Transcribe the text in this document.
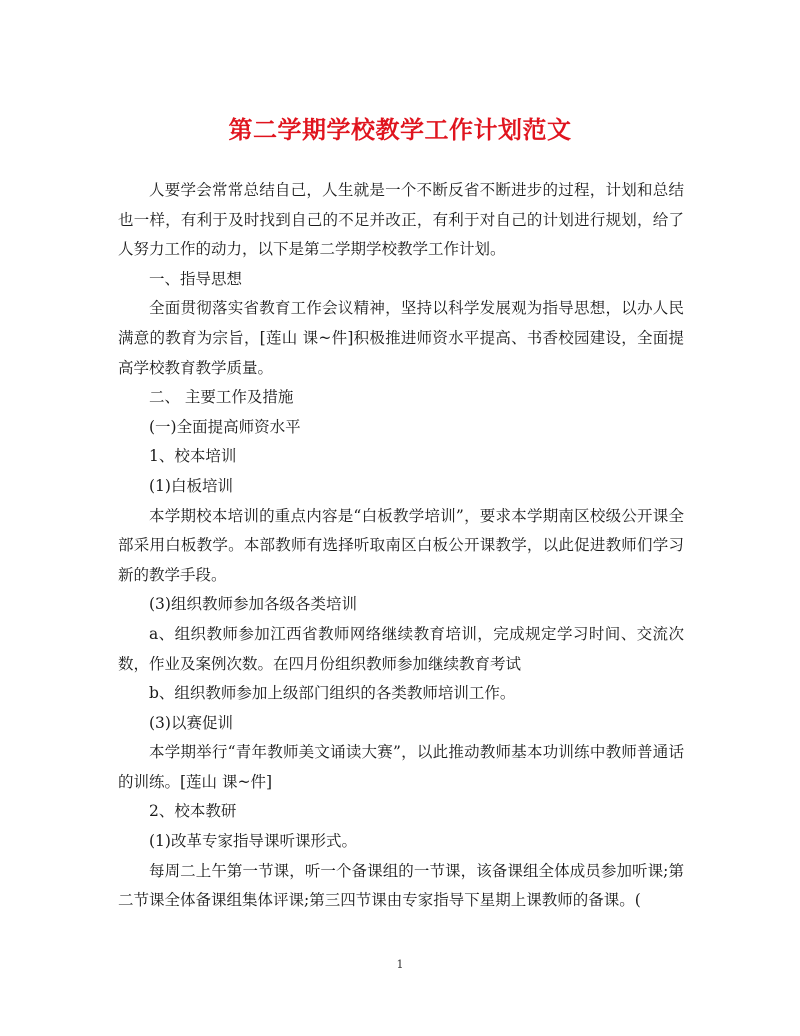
第二学期学校教学工作计划范文

人要学会常常总结自己，人生就是一个不断反省不断进步的过程，计划和总结也一样，有利于及时找到自己的不足并改正，有利于对自己的计划进行规划，给了人努力工作的动力，以下是第二学期学校教学工作计划。

一、指导思想

全面贯彻落实省教育工作会议精神，坚持以科学发展观为指导思想，以办人民满意的教育为宗旨，[莲山 课~件]积极推进师资水平提高、书香校园建设，全面提高学校教育教学质量。

二、 主要工作及措施

(一)全面提高师资水平

1、校本培训

(1)白板培训

本学期校本培训的重点内容是“白板教学培训”，要求本学期南区校级公开课全部采用白板教学。本部教师有选择听取南区白板公开课教学，以此促进教师们学习新的教学手段。

(3)组织教师参加各级各类培训

a、组织教师参加江西省教师网络继续教育培训，完成规定学习时间、交流次数，作业及案例次数。在四月份组织教师参加继续教育考试

b、组织教师参加上级部门组织的各类教师培训工作。

(3)以赛促训

本学期举行“青年教师美文诵读大赛”，以此推动教师基本功训练中教师普通话的训练。[莲山 课~件]

2、校本教研

(1)改革专家指导课听课形式。

每周二上午第一节课，听一个备课组的一节课，该备课组全体成员参加听课;第二节课全体备课组集体评课;第三四节课由专家指导下星期上课教师的备课。(

1
